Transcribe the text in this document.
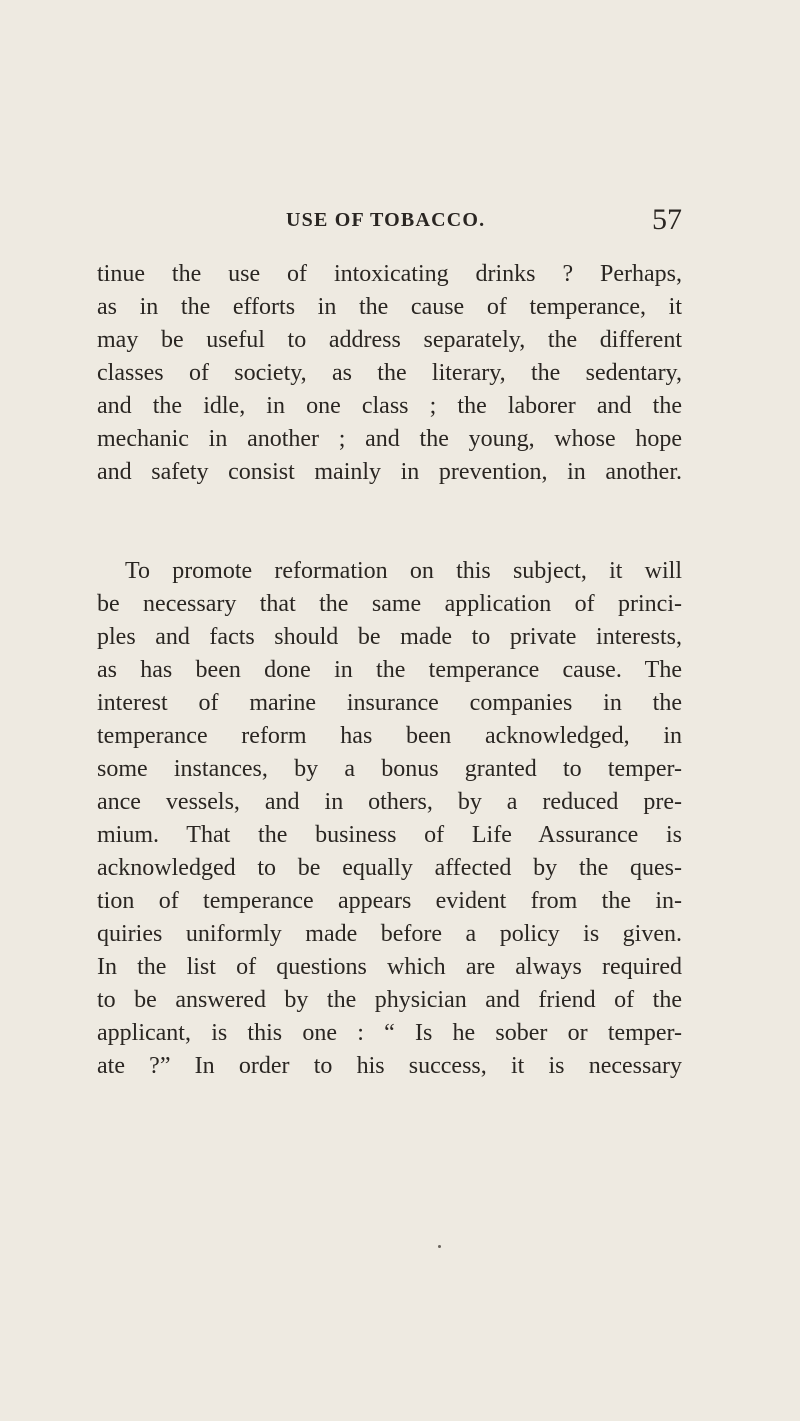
USE OF TOBACCO.	57
tinue the use of intoxicating drinks ? Perhaps,
as in the efforts in the cause of temperance, it
may be useful to address separately, the different
classes of society, as the literary, the sedentary,
and the idle, in one class ; the laborer and the
mechanic in another ; and the young, whose hope
and safety consist mainly in prevention, in another.
To promote reformation on this subject, it will
be necessary that the same application of princi-
ples and facts should be made to private interests,
as has been done in the temperance cause. The
interest of marine insurance companies in the
temperance reform has been acknowledged, in
some instances, by a bonus granted to temper-
ance vessels, and in others, by a reduced pre-
mium. That the business of Life Assurance is
acknowledged to be equally affected by the ques-
tion of temperance appears evident from the in-
quiries uniformly made before a policy is given.
In the list of questions which are always required
to be answered by the physician and friend of the
applicant, is this one : “ Is he sober or temper-
ate ?” In order to his success, it is necessary
